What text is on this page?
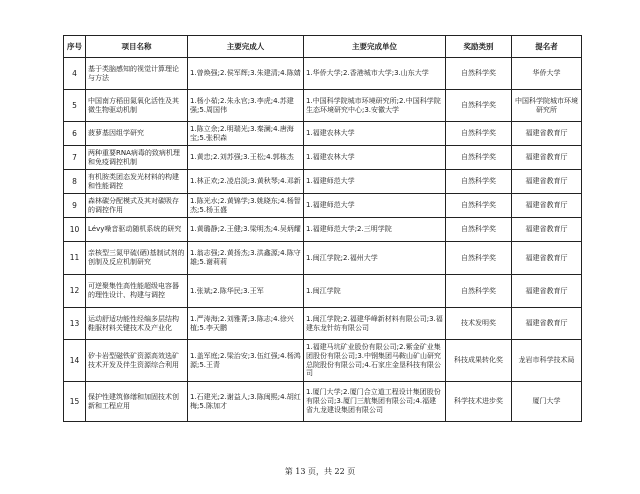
序号	项目名称	主要完成人	主要完成单位	奖励类别	提名者
4	基于类脑感知的视觉计算理论与方法	1.曾焕强;2.侯军辉;3.朱建清;4.陈婧	1.华侨大学;2.香港城市大学;3.山东大学	自然科学奖	华侨大学
5	中国南方稻田氮氧化活性及其微生物驱动机制	1.杨小茹;2.朱永官;3.李虎;4.苏建强;5.周国伟	1.中国科学院城市环境研究所;2.中国科学院生态环境研究中心;3.安徽大学	自然科学奖	中国科学院城市环境研究所
6	菠萝基因组学研究	1.陈立余;2.明瑞光;3.秦澜;4.唐海宝;5.张积森	1.福建农林大学	自然科学奖	福建省教育厅
7	两种重要RNA病毒的致病机理和免疫调控机制	1.黄忠;2.刘苏强;3.王松;4.郭栋杰	1.福建农林大学	自然科学奖	福建省教育厅
8	有机胺类团态发光材料的构建和性能调控	1.林正欢;2.凌启淡;3.黄秋琴;4.邓新	1.福建师范大学	自然科学奖	福建省教育厅
9	森林碳分配模式及其对碳吸存的调控作用	1.陈光水;2.黄锦学;3.姚晓东;4.杨智杰;5.杨玉盛	1.福建师范大学	自然科学奖	福建省教育厅
10	Lévy噪音驱动随机系统的研究	1.黄璐静;2.王健;3.梁明杰;4.吴炳耀	1.福建师范大学;2.三明学院	自然科学奖	福建省教育厅
11	亲核型三氮甲硫(硒)基制试剂的创制及反应机制研究	1.翁志强;2.黄扬杰;3.洪鑫源;4.陈守雄;5.谢莉莉	1.闽江学院;2.福州大学	自然科学奖	福建省教育厅
12	可逆聚集性高性能超级电容器的理性设计、构建与调控	1.张斌;2.陈华民;3.王军	1.闽江学院	自然科学奖	福建省教育厅
13	运动舒适功能性经编多层结构鞋服材料关键技术及产业化	1.严涛海;2.刘雅菁;3.陈志;4.徐兴植;5.李天鹏	1.闽江学院;2.福建华峰新材料有限公司;3.福建东龙针纺有限公司	技术发明奖	福建省教育厅
14	矽卡岩型磁铁矿资源高效选矿技术开发及伴生资源综合利用	1.盖军庭;2.梁治安;3.伍红强;4.杨鸿源;5.王青	1.福建马坑矿业股份有限公司;2.紫金矿业集团股份有限公司;3.中钢集团马鞍山矿山研究总院股份有限公司;4.石家庄金垦科技有限公司	科技成果转化奖	龙岩市科学技术局
15	保护性建筑修缮和加固技术创新和工程应用	1.石建光;2.谢益人;3.陈闽熙;4.胡红梅;5.陈加才	1.厦门大学;2.厦门合立道工程设计集团股份有限公司;3.厦门三航集团有限公司;4.福建省九龙建设集团有限公司	科学技术进步奖	厦门大学
第 13 页，共 22 页
